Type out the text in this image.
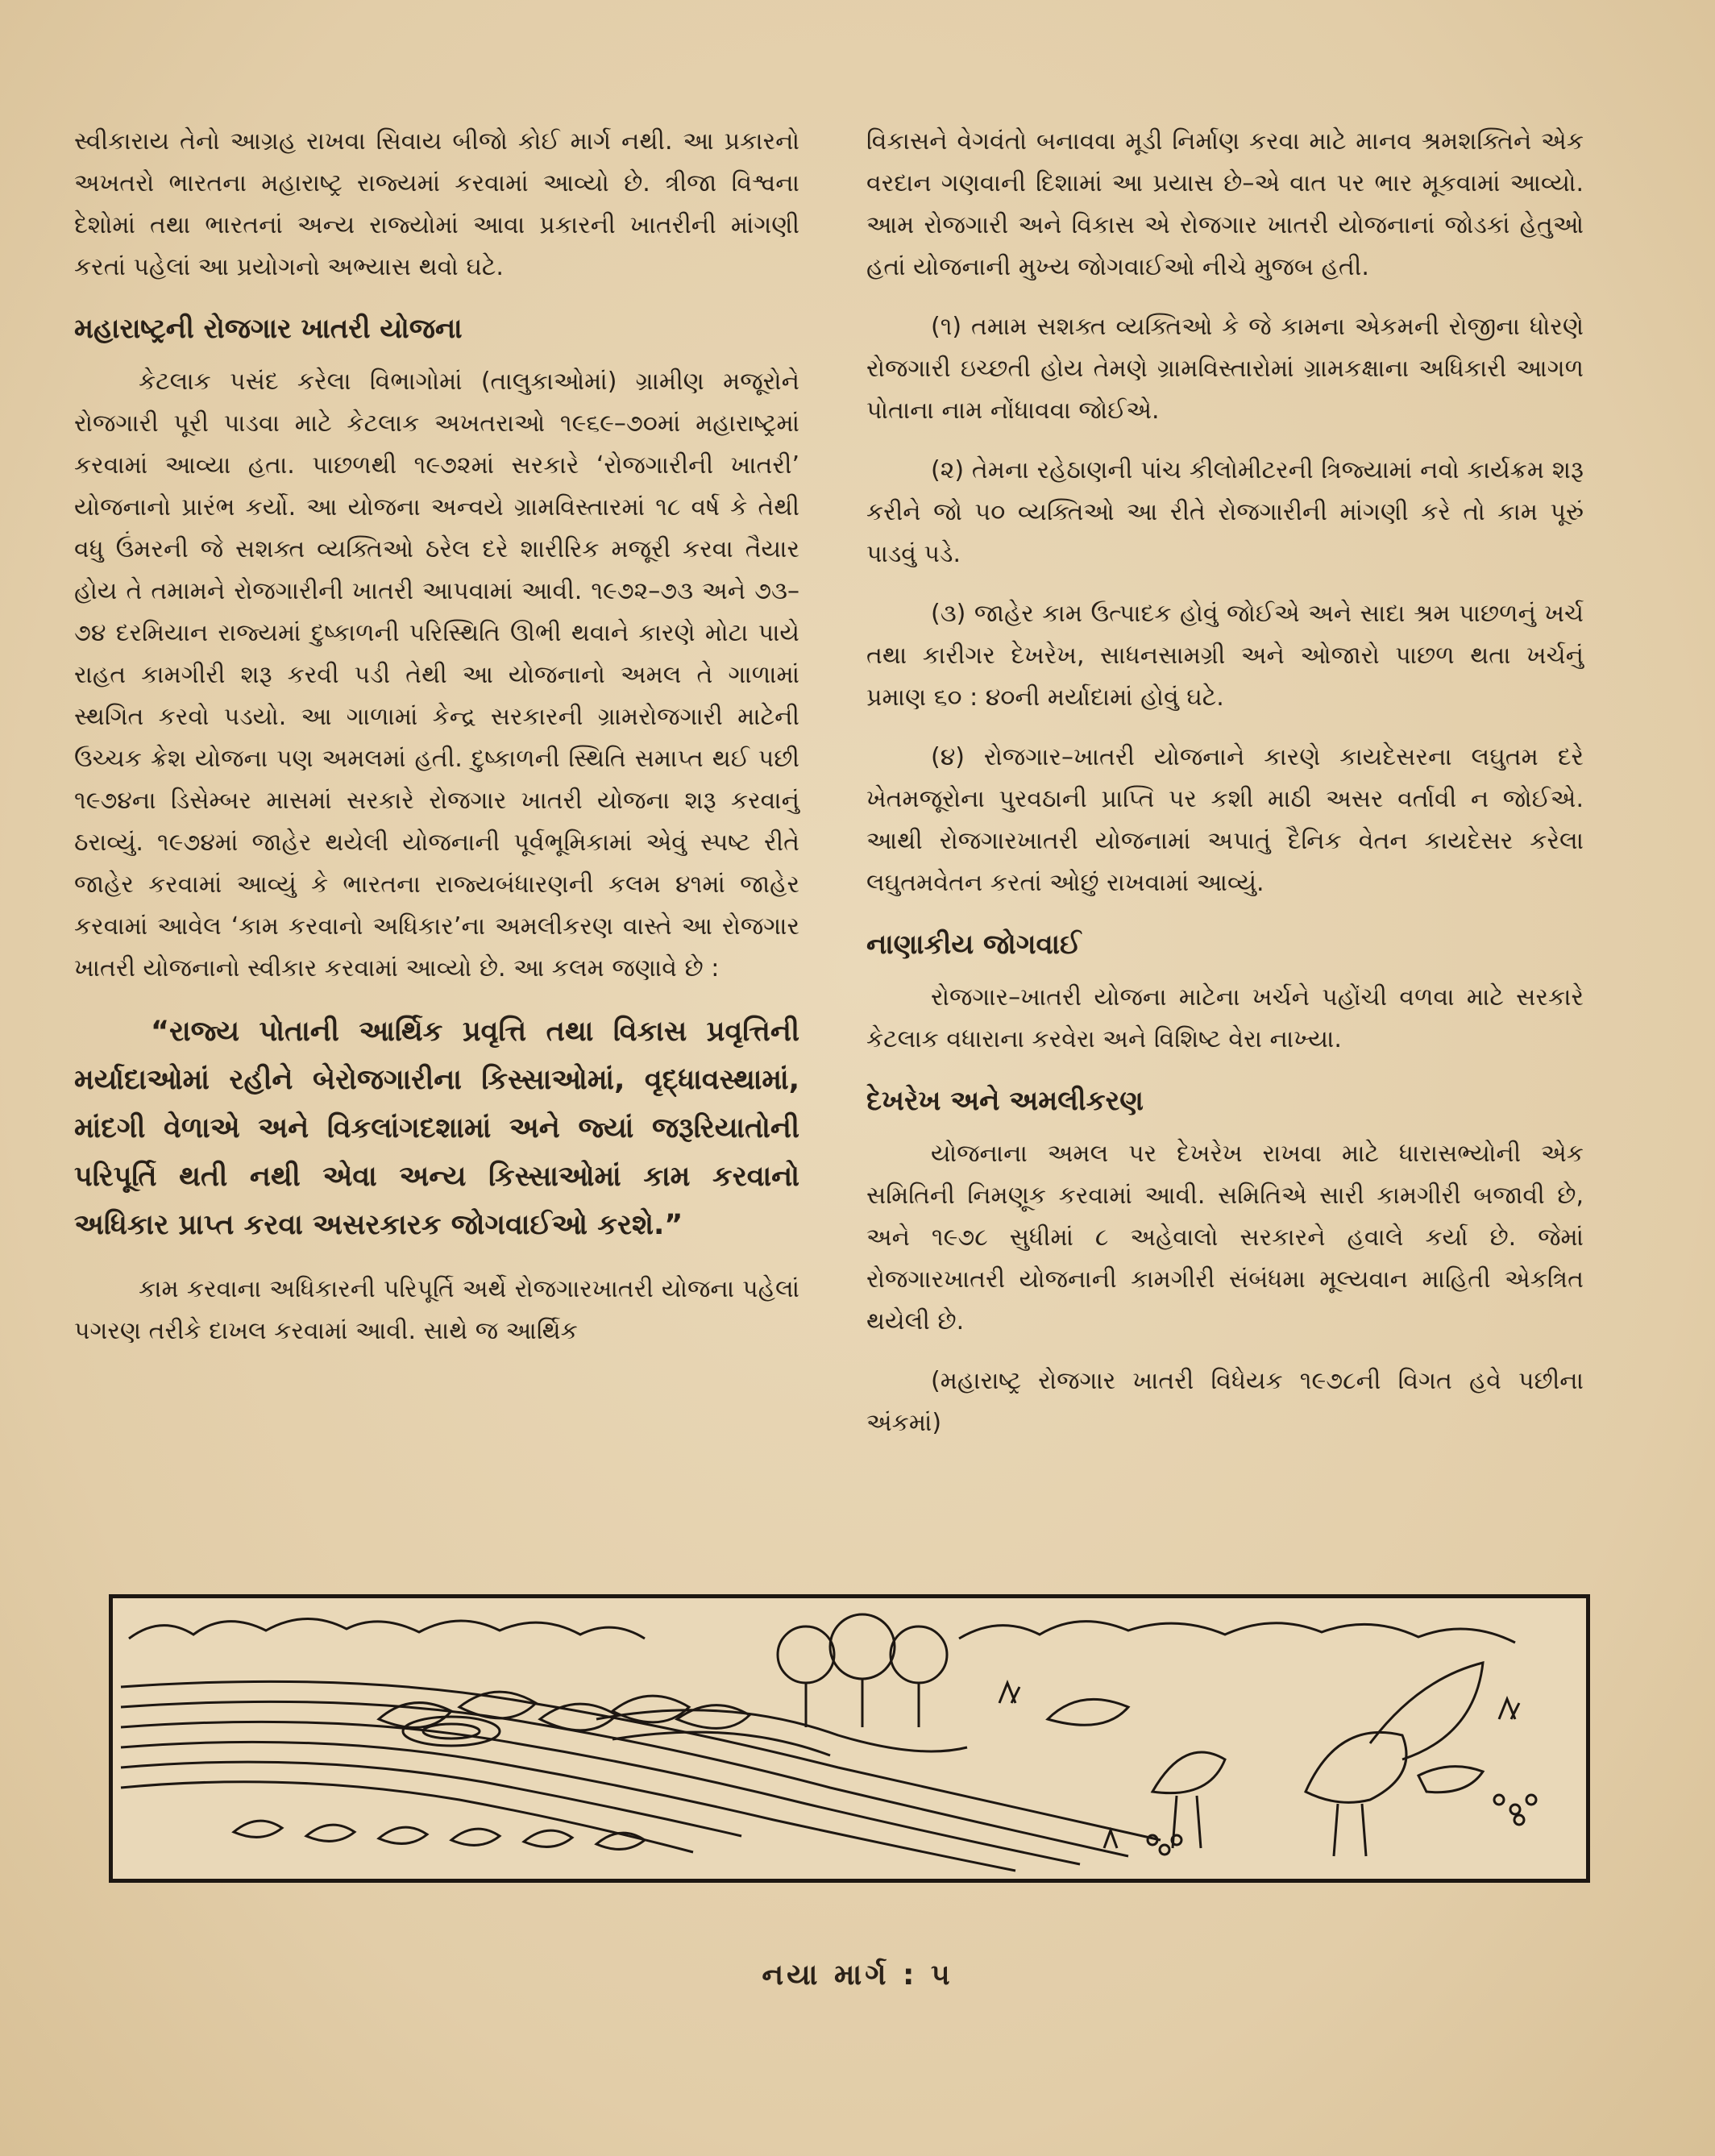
સ્વીકારાય તેનો આગ્રહ રાખવા સિવાય બીજો કોઈ માર્ગ નથી. આ પ્રકારનો અખતરો ભારતના મહારાષ્ટ્ર રાજ્યમાં કરવામાં આવ્યો છે. ત્રીજા વિશ્વના દેશોમાં તથા ભારતનાં અન્ય રાજ્યોમાં આવા પ્રકારની ખાતરીની માંગણી કરતાં પહેલાં આ પ્રયોગનો અભ્યાસ થવો ઘટે.

મહારાષ્ટ્રની રોજગાર ખાતરી યોજના

કેટલાક પસંદ કરેલા વિભાગોમાં (તાલુકાઓમાં) ગ્રામીણ મજૂરોને રોજગારી પૂરી પાડવા માટે કેટલાક અખતરાઓ ૧૯૬૯–૭૦માં મહારાષ્ટ્રમાં કરવામાં આવ્યા હતા. પાછળથી ૧૯૭૨માં સરકારે ‘રોજગારીની ખાતરી’ યોજનાનો પ્રારંભ કર્યો. આ યોજના અન્વયે ગ્રામવિસ્તારમાં ૧૮ વર્ષ કે તેથી વધુ ઉંમરની જે સશક્ત વ્યક્તિઓ ઠરેલ દરે શારીરિક મજૂરી કરવા તૈયાર હોય તે તમામને રોજગારીની ખાતરી આપવામાં આવી. ૧૯૭૨–૭૩ અને ૭૩–૭૪ દરમિયાન રાજ્યમાં દુષ્કાળની પરિસ્થિતિ ઊભી થવાને કારણે મોટા પાયે રાહત કામગીરી શરૂ કરવી પડી તેથી આ યોજનાનો અમલ તે ગાળામાં સ્થગિત કરવો પડયો. આ ગાળામાં કેન્દ્ર સરકારની ગ્રામરોજગારી માટેની ઉચ્ચક ક્રેશ યોજના પણ અમલમાં હતી. દુષ્કાળની સ્થિતિ સમાપ્ત થઈ પછી ૧૯૭૪ના ડિસેમ્બર માસમાં સરકારે રોજગાર ખાતરી યોજના શરૂ કરવાનું ઠરાવ્યું. ૧૯૭૪માં જાહેર થયેલી યોજનાની પૂર્વભૂમિકામાં એવું સ્પષ્ટ રીતે જાહેર કરવામાં આવ્યું કે ભારતના રાજ્યબંધારણની કલમ ૪૧માં જાહેર કરવામાં આવેલ ‘કામ કરવાનો અધિકાર’ના અમલીકરણ વાસ્તે આ રોજગાર ખાતરી યોજનાનો સ્વીકાર કરવામાં આવ્યો છે. આ કલમ જણાવે છે :

“રાજ્ય પોતાની આર્થિક પ્રવૃત્તિ તથા વિકાસ પ્રવૃત્તિની મર્યાદાઓમાં રહીને બેરોજગારીના કિસ્સાઓમાં, વૃદ્ધાવસ્થામાં, માંદગી વેળાએ અને વિકલાંગદશામાં અને જ્યાં જરૂરિયાતોની પરિપૂર્તિ થતી નથી એવા અન્ય કિસ્સાઓમાં કામ કરવાનો અધિકાર પ્રાપ્ત કરવા અસરકારક જોગવાઈઓ કરશે.”

કામ કરવાના અધિકારની પરિપૂર્તિ અર્થે રોજગારખાતરી યોજના પહેલાં પગરણ તરીકે દાખલ કરવામાં આવી. સાથે જ આર્થિક

વિકાસને વેગવંતો બનાવવા મૂડી નિર્માણ કરવા માટે માનવ શ્રમશક્તિને એક વરદાન ગણવાની દિશામાં આ પ્રયાસ છે–એ વાત પર ભાર મૂકવામાં આવ્યો. આમ રોજગારી અને વિકાસ એ રોજગાર ખાતરી યોજનાનાં જોડકાં હેતુઓ હતાં યોજનાની મુખ્ય જોગવાઈઓ નીચે મુજબ હતી.

(૧) તમામ સશક્ત વ્યક્તિઓ કે જે કામના એકમની રોજીના ધોરણે રોજગારી ઇચ્છતી હોય તેમણે ગ્રામવિસ્તારોમાં ગ્રામકક્ષાના અધિકારી આગળ પોતાના નામ નોંધાવવા જોઈએ.

(૨) તેમના રહેઠાણની પાંચ કીલોમીટરની ત્રિજ્યામાં નવો કાર્યક્રમ શરૂ કરીને જો ૫૦ વ્યક્તિઓ આ રીતે રોજગારીની માંગણી કરે તો કામ પૂરું પાડવું પડે.

(૩) જાહેર કામ ઉત્પાદક હોવું જોઈએ અને સાદા શ્રમ પાછળનું ખર્ચ તથા કારીગર દેખરેખ, સાધનસામગ્રી અને ઓજારો પાછળ થતા ખર્ચનું પ્રમાણ ૬૦ : ૪૦ની મર્યાદામાં હોવું ઘટે.

(૪) રોજગાર–ખાતરી યોજનાને કારણે કાયદેસરના લઘુતમ દરે ખેતમજૂરોના પુરવઠાની પ્રાપ્તિ પર કશી માઠી અસર વર્તાવી ન જોઈએ. આથી રોજગારખાતરી યોજનામાં અપાતું દૈનિક વેતન કાયદેસર કરેલા લઘુતમવેતન કરતાં ઓછું રાખવામાં આવ્યું.

નાણાકીય જોગવાઈ

રોજગાર–ખાતરી યોજના માટેના ખર્ચને પહોંચી વળવા માટે સરકારે કેટલાક વધારાના કરવેરા અને વિશિષ્ટ વેરા નાખ્યા.

દેખરેખ અને અમલીકરણ

યોજનાના અમલ પર દેખરેખ રાખવા માટે ધારાસભ્યોની એક સમિતિની નિમણૂક કરવામાં આવી. સમિતિએ સારી કામગીરી બજાવી છે, અને ૧૯૭૮ સુધીમાં ૮ અહેવાલો સરકારને હવાલે કર્યા છે. જેમાં રોજગારખાતરી યોજનાની કામગીરી સંબંધમા મૂલ્યવાન માહિતી એકત્રિત થયેલી છે.

(મહારાષ્ટ્ર રોજગાર ખાતરી વિધેયક ૧૯૭૮ની વિગત હવે પછીના અંકમાં)

નયા માર્ગ : ૫
